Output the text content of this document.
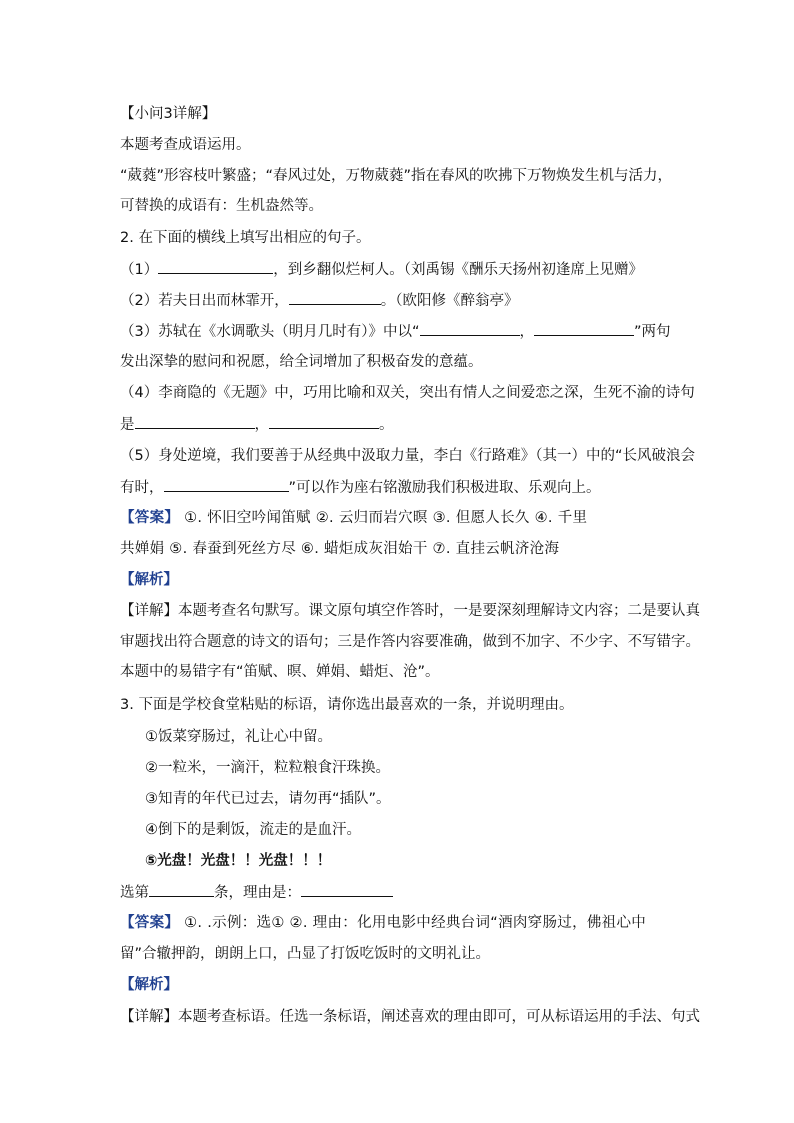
【小问3详解】
本题考查成语运用。
“葳蕤”形容枝叶繁盛；“春风过处，万物葳蕤”指在春风的吹拂下万物焕发生机与活力，
可替换的成语有：生机盎然等。
2. 在下面的横线上填写出相应的句子。
（1）	，到乡翻似烂柯人。（刘禹锡《酬乐天扬州初逢席上见赠》
（2）若夫日出而林霏开，	。（欧阳修《醉翁亭》
（3）苏轼在《水调歌头（明月几时有）》中以“	，	”两句
发出深挚的慰问和祝愿，给全词增加了积极奋发的意蕴。
（4）李商隐的《无题》中，巧用比喻和双关，突出有情人之间爱恋之深，生死不渝的诗句
是	，	。
（5）身处逆境，我们要善于从经典中汲取力量，李白《行路难》（其一）中的“长风破浪会
有时，	”可以作为座右铭激励我们积极进取、乐观向上。
【答案】 ①. 怀旧空吟闻笛赋 ②. 云归而岩穴暝 ③. 但愿人长久 ④. 千里
共婵娟 ⑤. 春蚕到死丝方尽 ⑥. 蜡炬成灰泪始干 ⑦. 直挂云帆济沧海
【解析】
【详解】本题考查名句默写。课文原句填空作答时，一是要深刻理解诗文内容；二是要认真
审题找出符合题意的诗文的语句；三是作答内容要准确，做到不加字、不少字、不写错字。
本题中的易错字有“笛赋、暝、婵娟、蜡炬、沧”。
3. 下面是学校食堂粘贴的标语，请你选出最喜欢的一条，并说明理由。
①饭菜穿肠过，礼让心中留。
②一粒米，一滴汗，粒粒粮食汗珠换。
③知青的年代已过去，请勿再“插队”。
④倒下的是剩饭，流走的是血汗。
⑤光盘！光盘！！光盘！！！
选第	条，理由是：
【答案】 ①. .示例：选① ②. 理由：化用电影中经典台词“酒肉穿肠过，佛祖心中
留”合辙押韵，朗朗上口，凸显了打饭吃饭时的文明礼让。
【解析】
【详解】本题考查标语。任选一条标语，阐述喜欢的理由即可，可从标语运用的手法、句式
